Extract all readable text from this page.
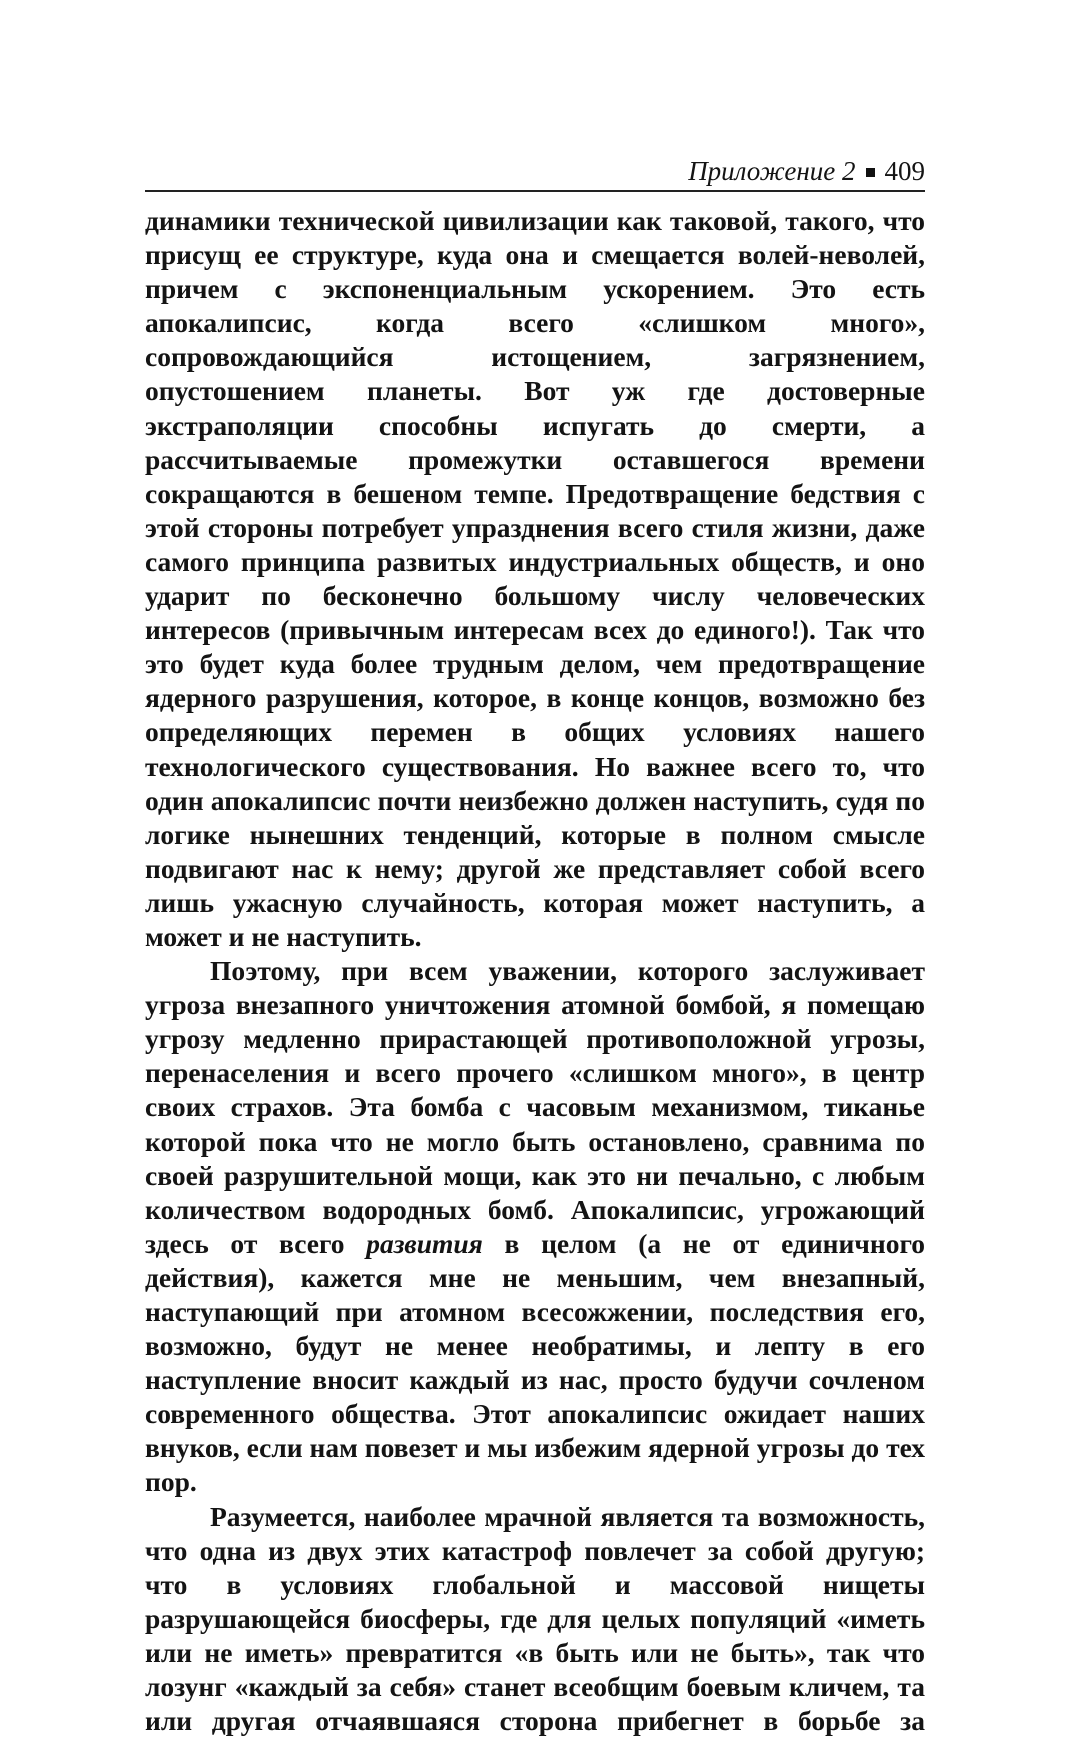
Приложение 2 409

динамики технической цивилизации как таковой, такого, что присущ ее структуре, куда она и смещается волей-неволей, причем с экспоненциальным ускорением. Это есть апокалипсис, когда всего «слишком много», сопровождающийся истощением, загрязнением, опустошением планеты. Вот уж где достоверные экстраполяции способны испугать до смерти, а рассчитываемые промежутки оставшегося времени сокращаются в бешеном темпе. Предотвращение бедствия с этой стороны потребует упразднения всего стиля жизни, даже самого принципа развитых индустриальных обществ, и оно ударит по бесконечно большому числу человеческих интересов (привычным интересам всех до единого!). Так что это будет куда более трудным делом, чем предотвращение ядерного разрушения, которое, в конце концов, возможно без определяющих перемен в общих условиях нашего технологического существования. Но важнее всего то, что один апокалипсис почти неизбежно должен наступить, судя по логике нынешних тенденций, которые в полном смысле подвигают нас к нему; другой же представляет собой всего лишь ужасную случайность, которая может наступить, а может и не наступить.

Поэтому, при всем уважении, которого заслуживает угроза внезапного уничтожения атомной бомбой, я помещаю угрозу медленно прирастающей противоположной угрозы, перенаселения и всего прочего «слишком много», в центр своих страхов. Эта бомба с часовым механизмом, тиканье которой пока что не могло быть остановлено, сравнима по своей разрушительной мощи, как это ни печально, с любым количеством водородных бомб. Апокалипсис, угрожающий здесь от всего развития в целом (а не от единичного действия), кажется мне не меньшим, чем внезапный, наступающий при атомном всесожжении, последствия его, возможно, будут не менее необратимы, и лепту в его наступление вносит каждый из нас, просто будучи сочленом современного общества. Этот апокалипсис ожидает наших внуков, если нам повезет и мы избежим ядерной угрозы до тех пор.

Разумеется, наиболее мрачной является та возможность, что одна из двух этих катастроф повлечет за собой другую; что в условиях глобальной и массовой нищеты разрушающейся биосферы, где для целых популяций «иметь или не иметь» превратится «в быть или не быть», так что лозунг «каждый за себя» станет всеобщим боевым кличем, та или другая отчаявшаяся сторона прибегнет в борьбе за
